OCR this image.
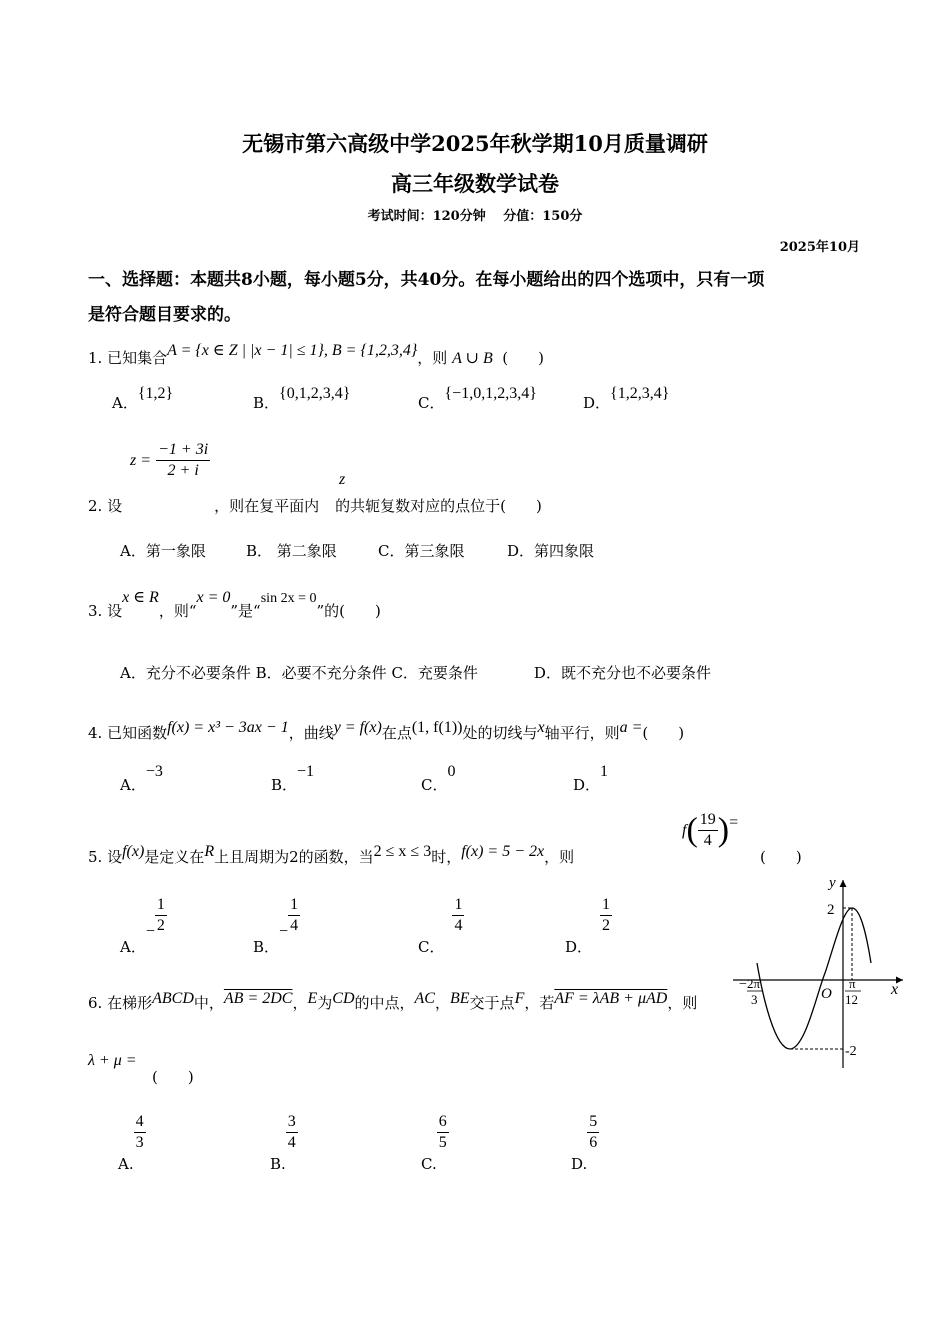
无锡市第六高级中学2025年秋学期10月质量调研
高三年级数学试卷
考试时间：120分钟　 分值：150分
2025年10月
一、选择题：本题共8小题，每小题5分，共40分。在每小题给出的四个选项中，只有一项
是符合题目要求的。
1. 已知集合A = {x ∈ Z | |x − 1| ≤ 1}, B = {1,2,3,4}，则 A ∪ B (　　)
A．{1,2}
B．{0,1,2,3,4}
C．{−1,0,1,2,3,4}
D．{1,2,3,4}
$z = \frac{-1 + 3i}{2 + i}$	z
2. 设	，则在复平面内 的共轭复数对应的点位于(　　)
A．第一象限	B． 第二象限	C．第三象限	D．第四象限
3. 设x ∈ R，则“x = 0”是“sin 2x = 0”的(　　)
A．充分不必要条件 B．必要不充分条件 C．充要条件	D．既不充分也不必要条件
4. 已知函数f(x) = x³ − 3ax − 1，曲线y = f(x)在点(1, f(1))处的切线与x轴平行，则a =(　　)
A．−3
B．−1
C．0
D．1
5. 设f(x)是定义在R上且周期为2的函数，当2 ≤ x ≤ 3时，f(x) = 5 − 2x，则
$f( \frac{19}{4}$ )=
(　　)
A．− $\frac{1}{2}$
B．− $\frac{1}{4}$
C．
$\frac{1}{4}$
D．
$\frac{1}{2}$
6. 在梯形ABCD中，AB = 2DC，E为CD的中点，AC，BE交于点F，若AF = λAB + μAD，则
λ + μ =
(　　)
A.
$\frac{4}{3}$
B.
$\frac{3}{4}$
C.
$\frac{6}{5}$
D.
$\frac{5}{6}$
y
x
O
2
-2
− 2π
3
π
12
